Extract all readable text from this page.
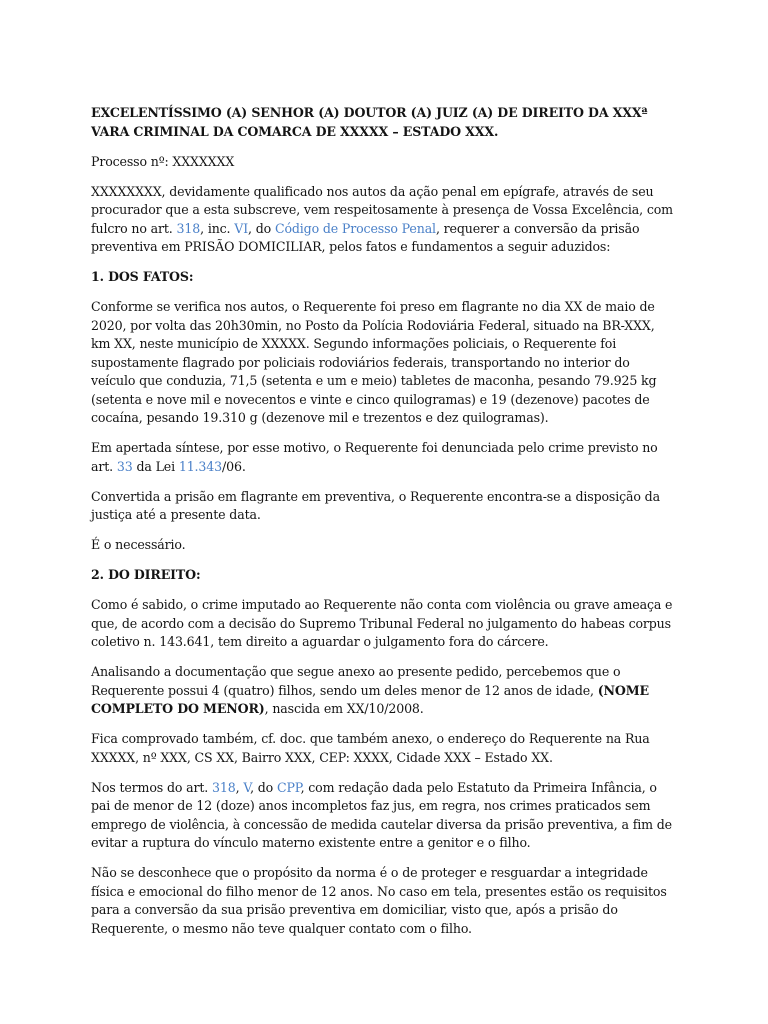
EXCELENTÍSSIMO (A) SENHOR (A) DOUTOR (A) JUIZ (A) DE DIREITO DA XXXª VARA CRIMINAL DA COMARCA DE XXXXX – ESTADO XXX.

Processo nº: XXXXXXX

XXXXXXXX, devidamente qualificado nos autos da ação penal em epígrafe, através de seu procurador que a esta subscreve, vem respeitosamente à presença de Vossa Excelência, com fulcro no art. 318, inc. VI, do Código de Processo Penal, requerer a conversão da prisão preventiva em PRISÃO DOMICILIAR, pelos fatos e fundamentos a seguir aduzidos:

1. DOS FATOS:

Conforme se verifica nos autos, o Requerente foi preso em flagrante no dia XX de maio de 2020, por volta das 20h30min, no Posto da Polícia Rodoviária Federal, situado na BR-XXX, km XX, neste município de XXXXX. Segundo informações policiais, o Requerente foi supostamente flagrado por policiais rodoviários federais, transportando no interior do veículo que conduzia, 71,5 (setenta e um e meio) tabletes de maconha, pesando 79.925 kg (setenta e nove mil e novecentos e vinte e cinco quilogramas) e 19 (dezenove) pacotes de cocaína, pesando 19.310 g (dezenove mil e trezentos e dez quilogramas).

Em apertada síntese, por esse motivo, o Requerente foi denunciada pelo crime previsto no art. 33 da Lei 11.343/06.

Convertida a prisão em flagrante em preventiva, o Requerente encontra-se a disposição da justiça até a presente data.

É o necessário.

2. DO DIREITO:

Como é sabido, o crime imputado ao Requerente não conta com violência ou grave ameaça e que, de acordo com a decisão do Supremo Tribunal Federal no julgamento do habeas corpus coletivo n. 143.641, tem direito a aguardar o julgamento fora do cárcere.

Analisando a documentação que segue anexo ao presente pedido, percebemos que o Requerente possui 4 (quatro) filhos, sendo um deles menor de 12 anos de idade, (NOME COMPLETO DO MENOR), nascida em XX/10/2008.

Fica comprovado também, cf. doc. que também anexo, o endereço do Requerente na Rua XXXXX, nº XXX, CS XX, Bairro XXX, CEP: XXXX, Cidade XXX – Estado XX.

Nos termos do art. 318, V, do CPP, com redação dada pelo Estatuto da Primeira Infância, o pai de menor de 12 (doze) anos incompletos faz jus, em regra, nos crimes praticados sem emprego de violência, à concessão de medida cautelar diversa da prisão preventiva, a fim de evitar a ruptura do vínculo materno existente entre a genitor e o filho.

Não se desconhece que o propósito da norma é o de proteger e resguardar a integridade física e emocional do filho menor de 12 anos. No caso em tela, presentes estão os requisitos para a conversão da sua prisão preventiva em domiciliar, visto que, após a prisão do Requerente, o mesmo não teve qualquer contato com o filho.
